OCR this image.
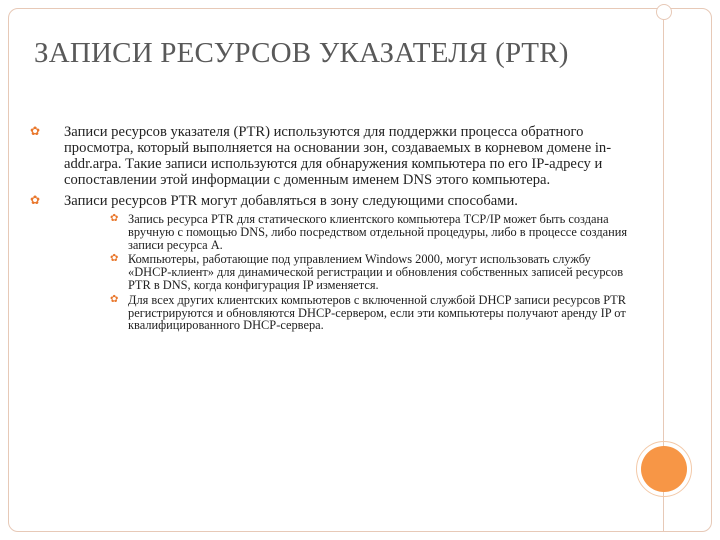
ЗАПИСИ РЕСУРСОВ УКАЗАТЕЛЯ (PTR)
✿ Записи ресурсов указателя (PTR) используются для поддержки процесса обратного просмотра, который выполняется на основании зон, создаваемых в корневом домене in-addr.arpa. Такие записи используются для обнаружения компьютера по его IP-адресу и сопоставлении этой информации с доменным именем DNS этого компьютера.
✿ Записи ресурсов PTR могут добавляться в зону следующими способами.
✿ Запись ресурса PTR для статического клиентского компьютера TCP/IP может быть создана вручную с помощью DNS, либо посредством отдельной процедуры, либо в процессе создания записи ресурса A.
✿ Компьютеры, работающие под управлением Windows 2000, могут использовать службу «DHCP-клиент» для динамической регистрации и обновления собственных записей ресурсов PTR в DNS, когда конфигурация IP изменяется.
✿ Для всех других клиентских компьютеров с включенной службой DHCP записи ресурсов PTR регистрируются и обновляются DHCP-сервером, если эти компьютеры получают аренду IP от квалифицированного DHCP-сервера.
